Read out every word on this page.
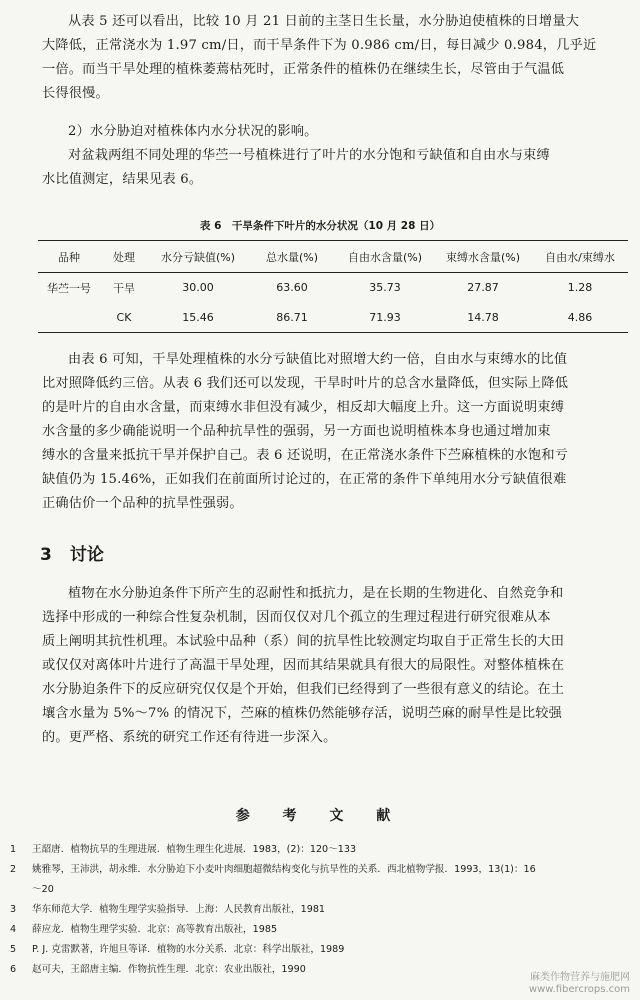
从表 5 还可以看出，比较 10 月 21 日前的主茎日生长量，水分胁迫使植株的日增量大
大降低，正常浇水为 1.97 cm/日，而干旱条件下为 0.986 cm/日，每日减少 0.984，几乎近
一倍。而当干旱处理的植株萎蔫枯死时，正常条件的植株仍在继续生长，尽管由于气温低
长得很慢。
2）水分胁迫对植株体内水分状况的影响。
对盆栽两组不同处理的华苎一号植株进行了叶片的水分饱和亏缺值和自由水与束缚
水比值测定，结果见表 6。
表 6　干旱条件下叶片的水分状况（10 月 28 日）
品种	处理	水分亏缺值(%)	总水量(%)	自由水含量(%)	束缚水含量(%)	自由水/束缚水
华苎一号	干旱	30.00	63.60	35.73	27.87	1.28
	CK	15.46	86.71	71.93	14.78	4.86
由表 6 可知，干旱处理植株的水分亏缺值比对照增大约一倍，自由水与束缚水的比值
比对照降低约三倍。从表 6 我们还可以发现，干旱时叶片的总含水量降低，但实际上降低
的是叶片的自由水含量，而束缚水非但没有减少，相反却大幅度上升。这一方面说明束缚
水含量的多少确能说明一个品种抗旱性的强弱，另一方面也说明植株本身也通过增加束
缚水的含量来抵抗干旱并保护自己。表 6 还说明，在正常浇水条件下苎麻植株的水饱和亏
缺值仍为 15.46%，正如我们在前面所讨论过的，在正常的条件下单纯用水分亏缺值很难
正确估价一个品种的抗旱性强弱。
3 讨论
植物在水分胁迫条件下所产生的忍耐性和抵抗力，是在长期的生物进化、自然竞争和
选择中形成的一种综合性复杂机制，因而仅仅对几个孤立的生理过程进行研究很难从本
质上阐明其抗性机理。本试验中品种（系）间的抗旱性比较测定均取自于正常生长的大田
或仅仅对离体叶片进行了高温干旱处理，因而其结果就具有很大的局限性。对整体植株在
水分胁迫条件下的反应研究仅仅是个开始，但我们已经得到了一些很有意义的结论。在土
壤含水量为 5%～7% 的情况下，苎麻的植株仍然能够存活，说明苎麻的耐旱性是比较强
的。更严格、系统的研究工作还有待进一步深入。
参 考 文 献
1	王韶唐．植物抗旱的生理进展．植物生理生化进展．1983，(2)：120～133
2	姚雅琴，王沛洪，胡永维．水分胁迫下小麦叶肉细胞超微结构变化与抗旱性的关系．西北植物学报．1993，13(1)：16
～20
3	华东师范大学．植物生理学实验指导．上海：人民教育出版社，1981
4	薛应龙．植物生理学实验．北京：高等教育出版社，1985
5	P. J. 克雷默著，许旭旦等译．植物的水分关系．北京：科学出版社，1989
6	赵可夫，王韶唐主编．作物抗性生理．北京：农业出版社，1990
麻类作物营养与施肥网
www.fibercrops.com
